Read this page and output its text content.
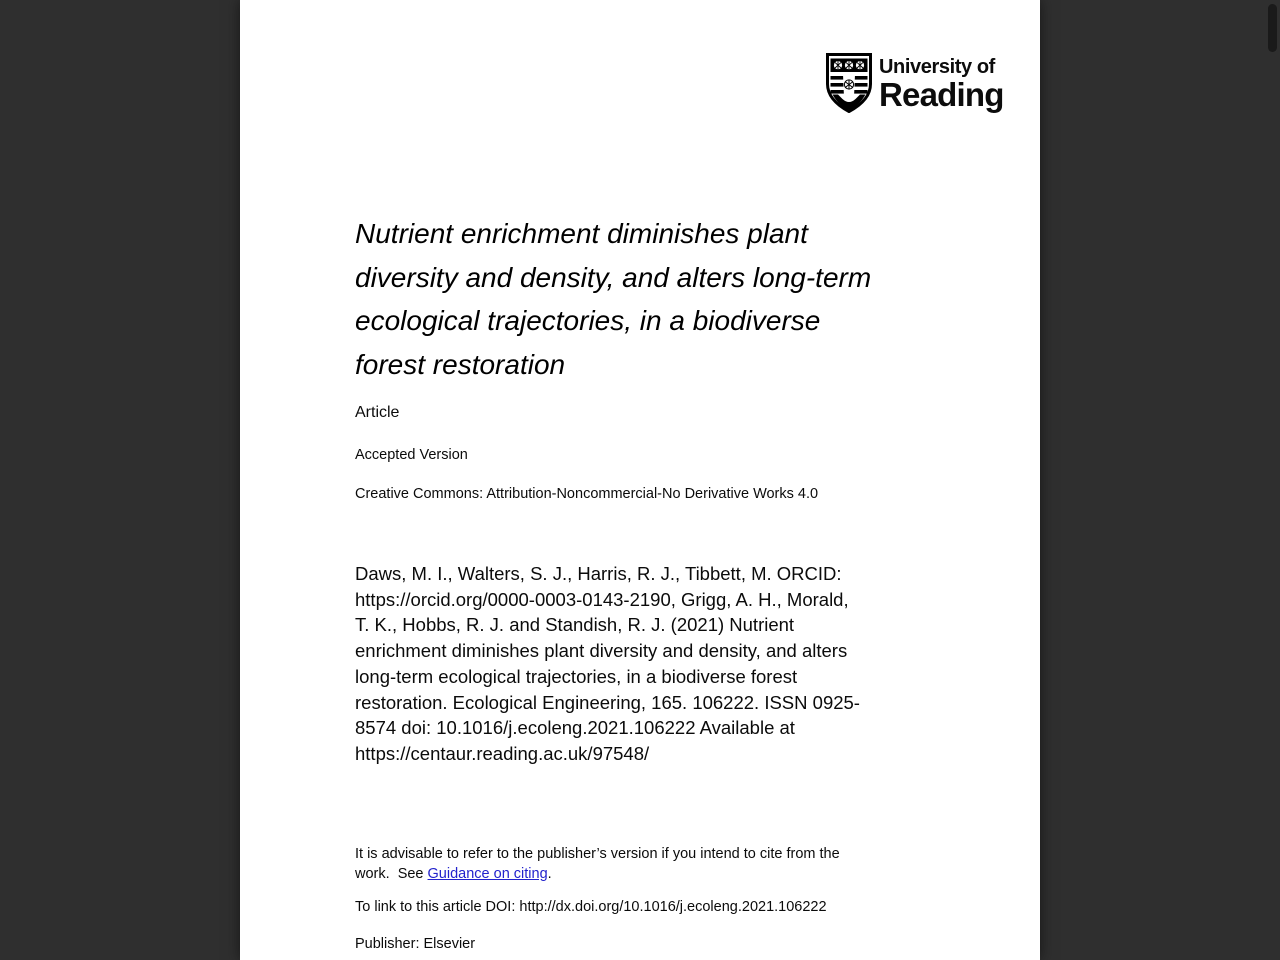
University of
Reading
Nutrient enrichment diminishes plant
diversity and density, and alters long-term
ecological trajectories, in a biodiverse
forest restoration
Article
Accepted Version
Creative Commons: Attribution-Noncommercial-No Derivative Works 4.0
Daws, M. I., Walters, S. J., Harris, R. J., Tibbett, M. ORCID:
https://orcid.org/0000-0003-0143-2190, Grigg, A. H., Morald,
T. K., Hobbs, R. J. and Standish, R. J. (2021) Nutrient
enrichment diminishes plant diversity and density, and alters
long-term ecological trajectories, in a biodiverse forest
restoration. Ecological Engineering, 165. 106222. ISSN 0925-
8574 doi: 10.1016/j.ecoleng.2021.106222 Available at
https://centaur.reading.ac.uk/97548/
It is advisable to refer to the publisher’s version if you intend to cite from the
work.  See Guidance on citing.
To link to this article DOI: http://dx.doi.org/10.1016/j.ecoleng.2021.106222
Publisher: Elsevier
